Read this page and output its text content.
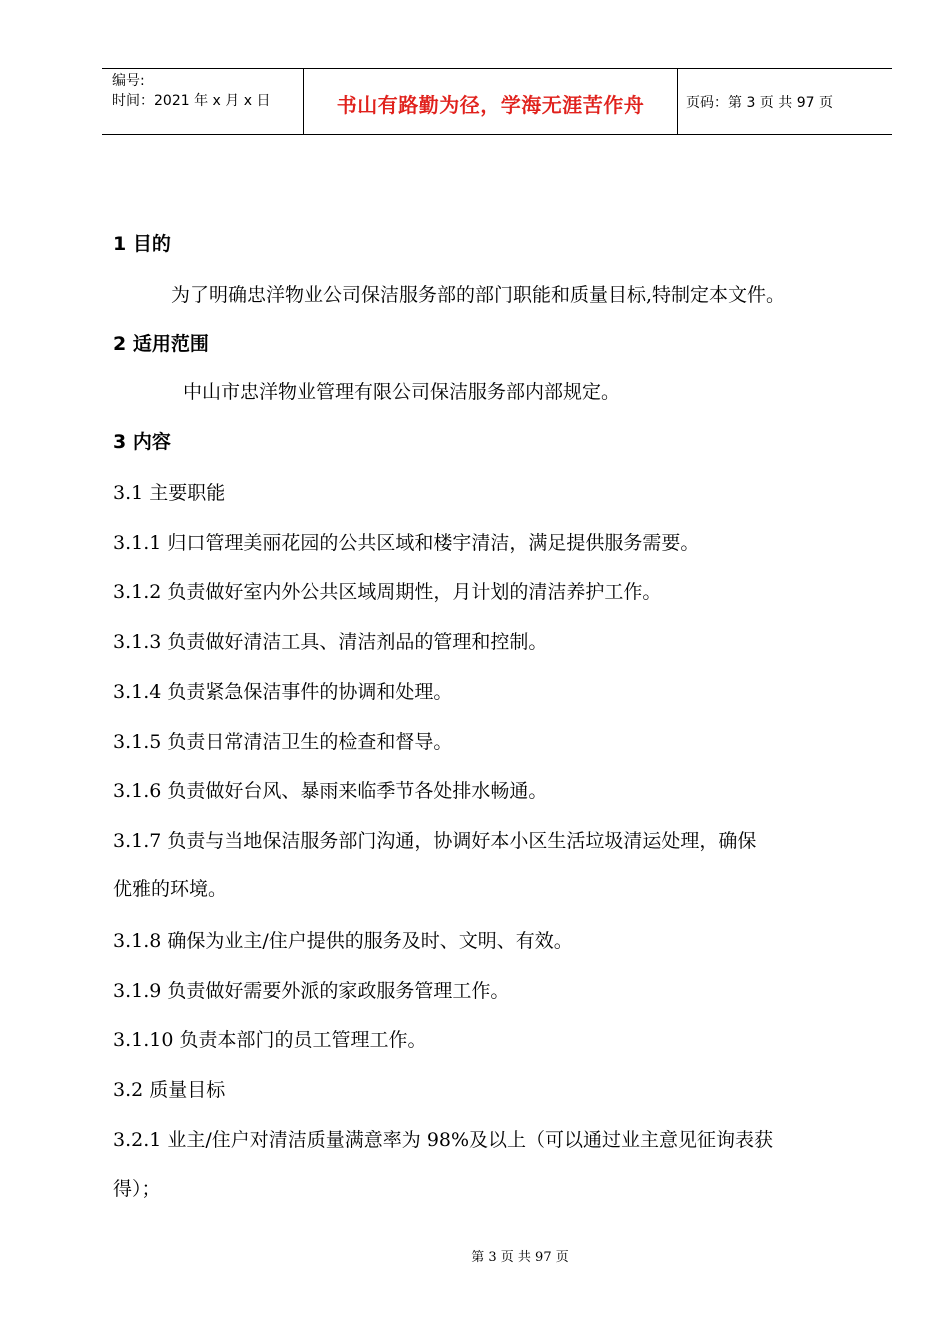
编号:
时间：2021 年 x 月 x 日	书山有路勤为径，学海无涯苦作舟	页码：第 3 页 共 97 页
1 目的
为了明确忠洋物业公司保洁服务部的部门职能和质量目标,特制定本文件。
2 适用范围
中山市忠洋物业管理有限公司保洁服务部内部规定。
3 内容
3.1 主要职能
3.1.1 归口管理美丽花园的公共区域和楼宇清洁，满足提供服务需要。
3.1.2 负责做好室内外公共区域周期性，月计划的清洁养护工作。
3.1.3 负责做好清洁工具、清洁剂品的管理和控制。
3.1.4 负责紧急保洁事件的协调和处理。
3.1.5 负责日常清洁卫生的检查和督导。
3.1.6 负责做好台风、暴雨来临季节各处排水畅通。
3.1.7 负责与当地保洁服务部门沟通，协调好本小区生活垃圾清运处理，确保
优雅的环境。
3.1.8 确保为业主/住户提供的服务及时、文明、有效。
3.1.9 负责做好需要外派的家政服务管理工作。
3.1.10 负责本部门的员工管理工作。
3.2 质量目标
3.2.1 业主/住户对清洁质量满意率为 98%及以上（可以通过业主意见征询表获
得）；
第 3 页 共 97 页
